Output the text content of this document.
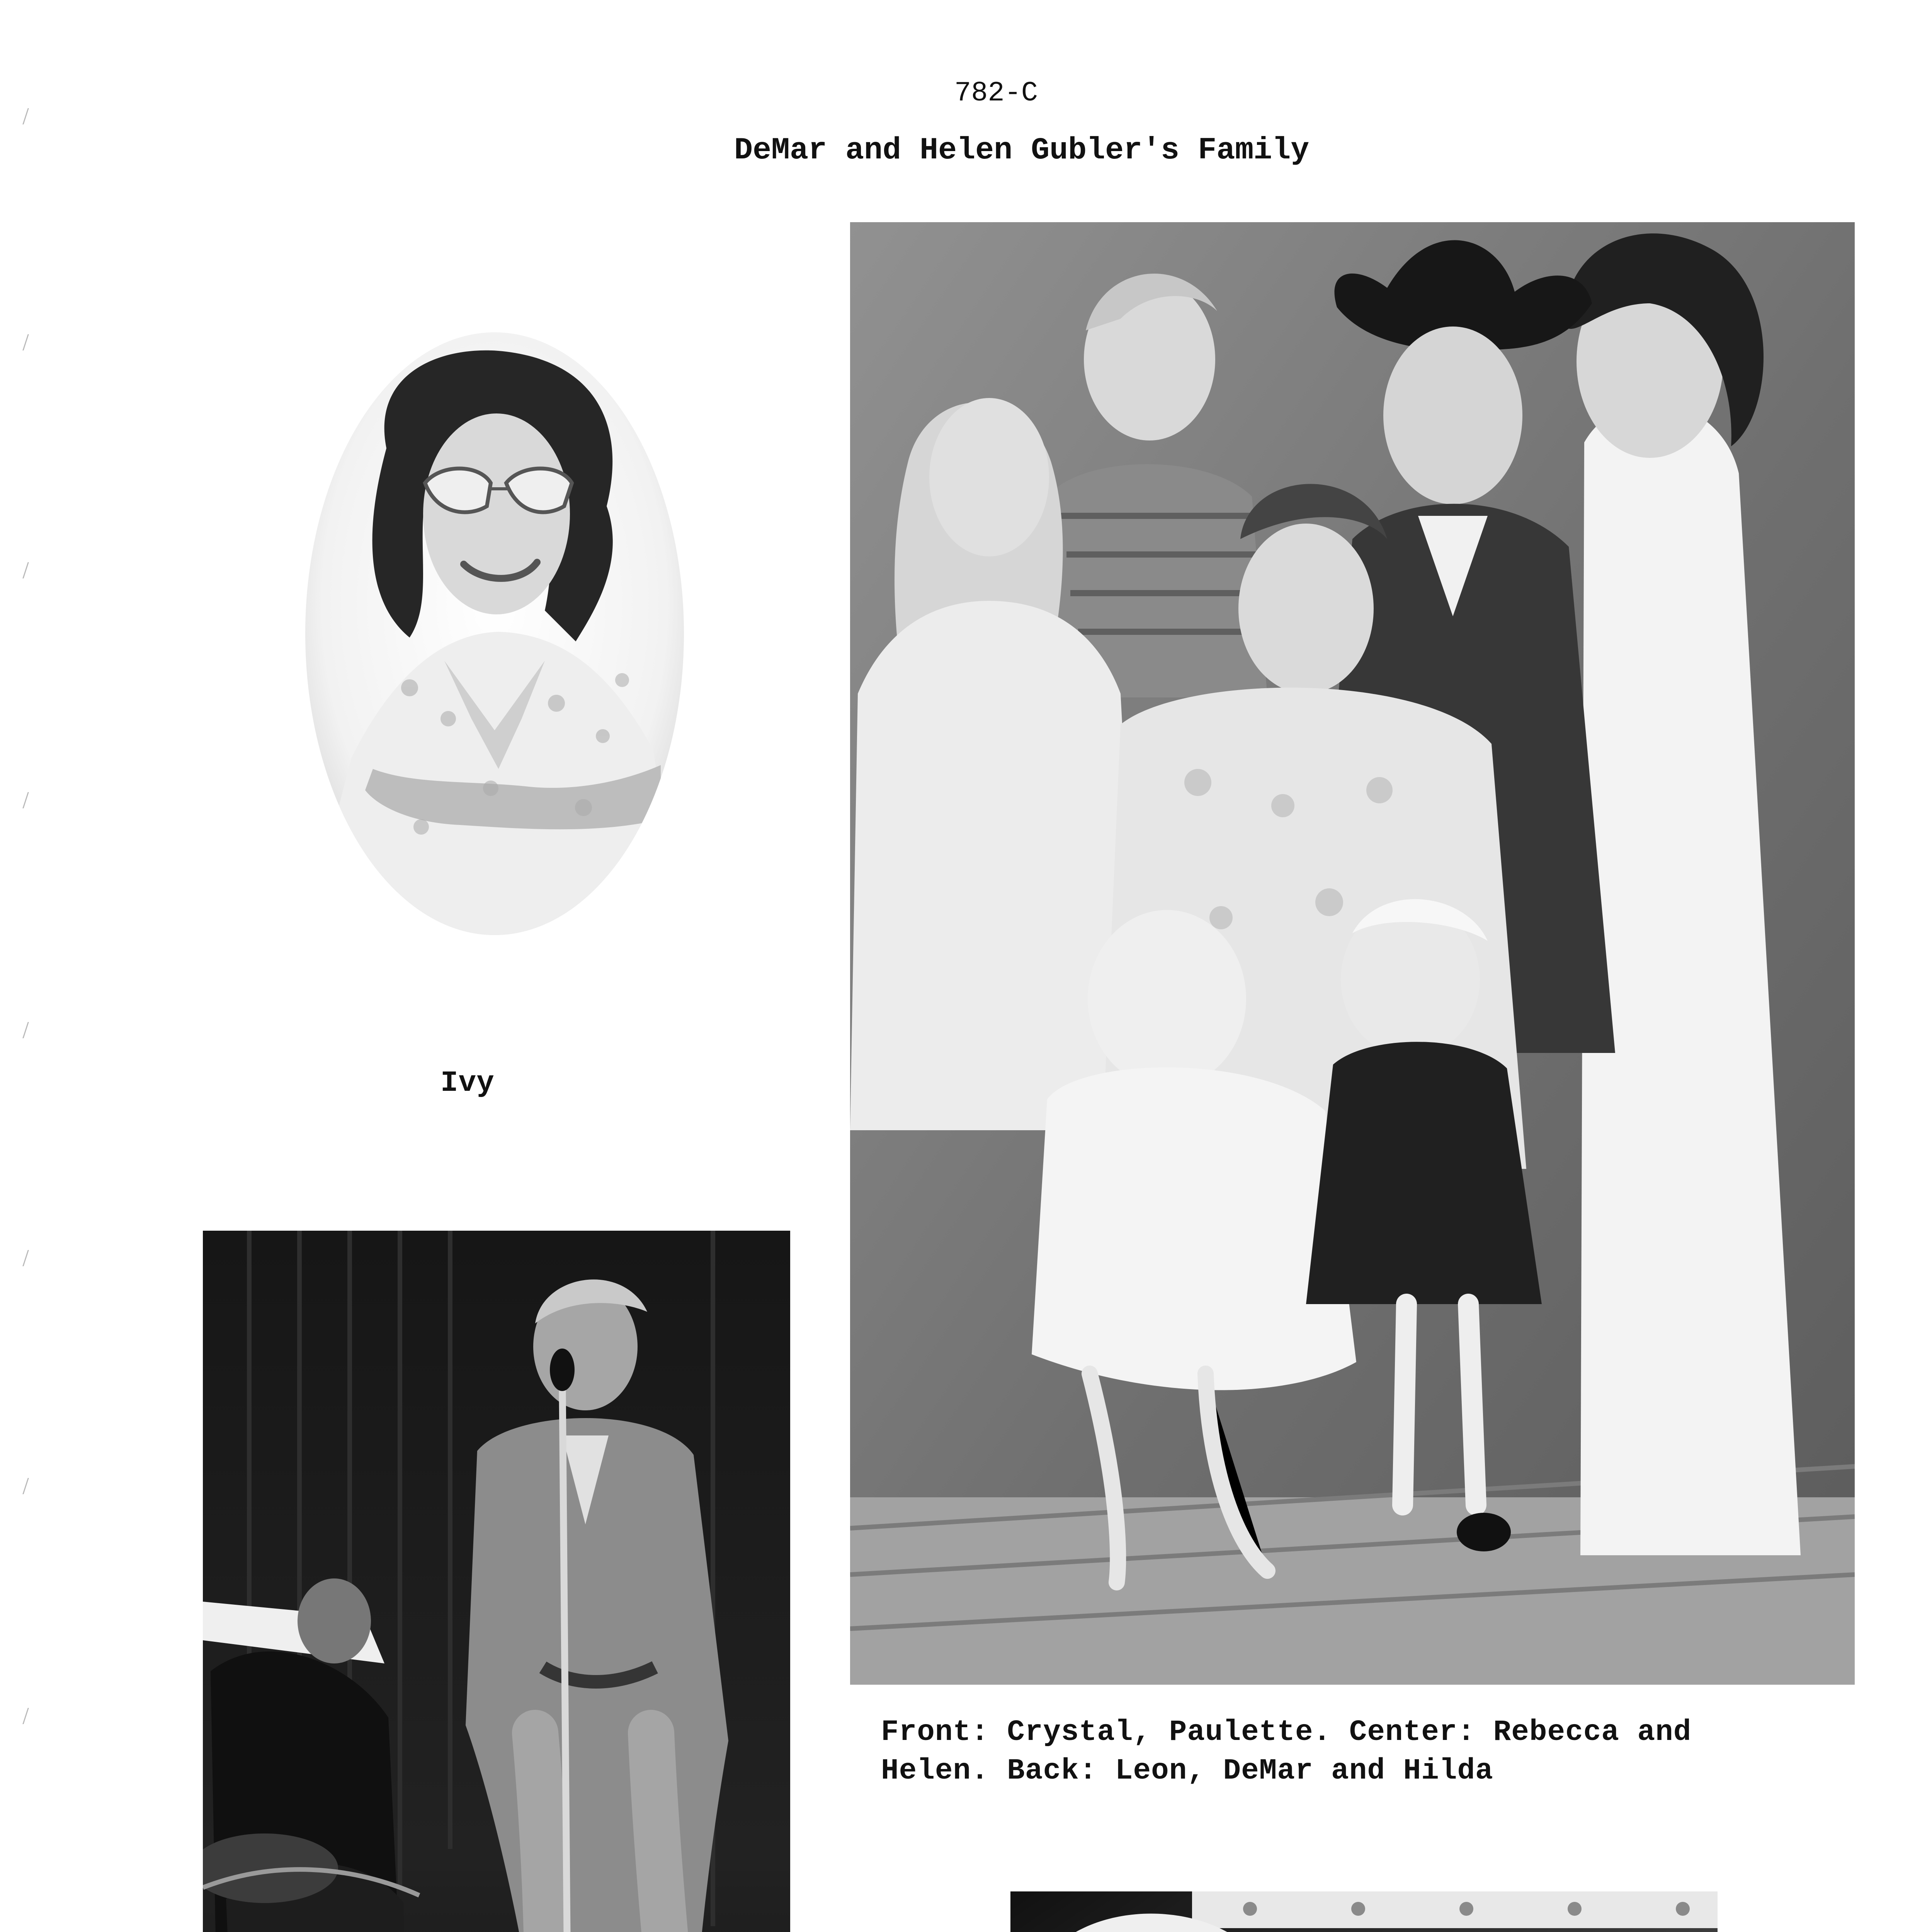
782-C
DeMar and Helen Gubler's Family
Ivy
Front: Crystal, Paulette. Center: Rebecca and
Helen. Back: Leon, DeMar and Hilda
